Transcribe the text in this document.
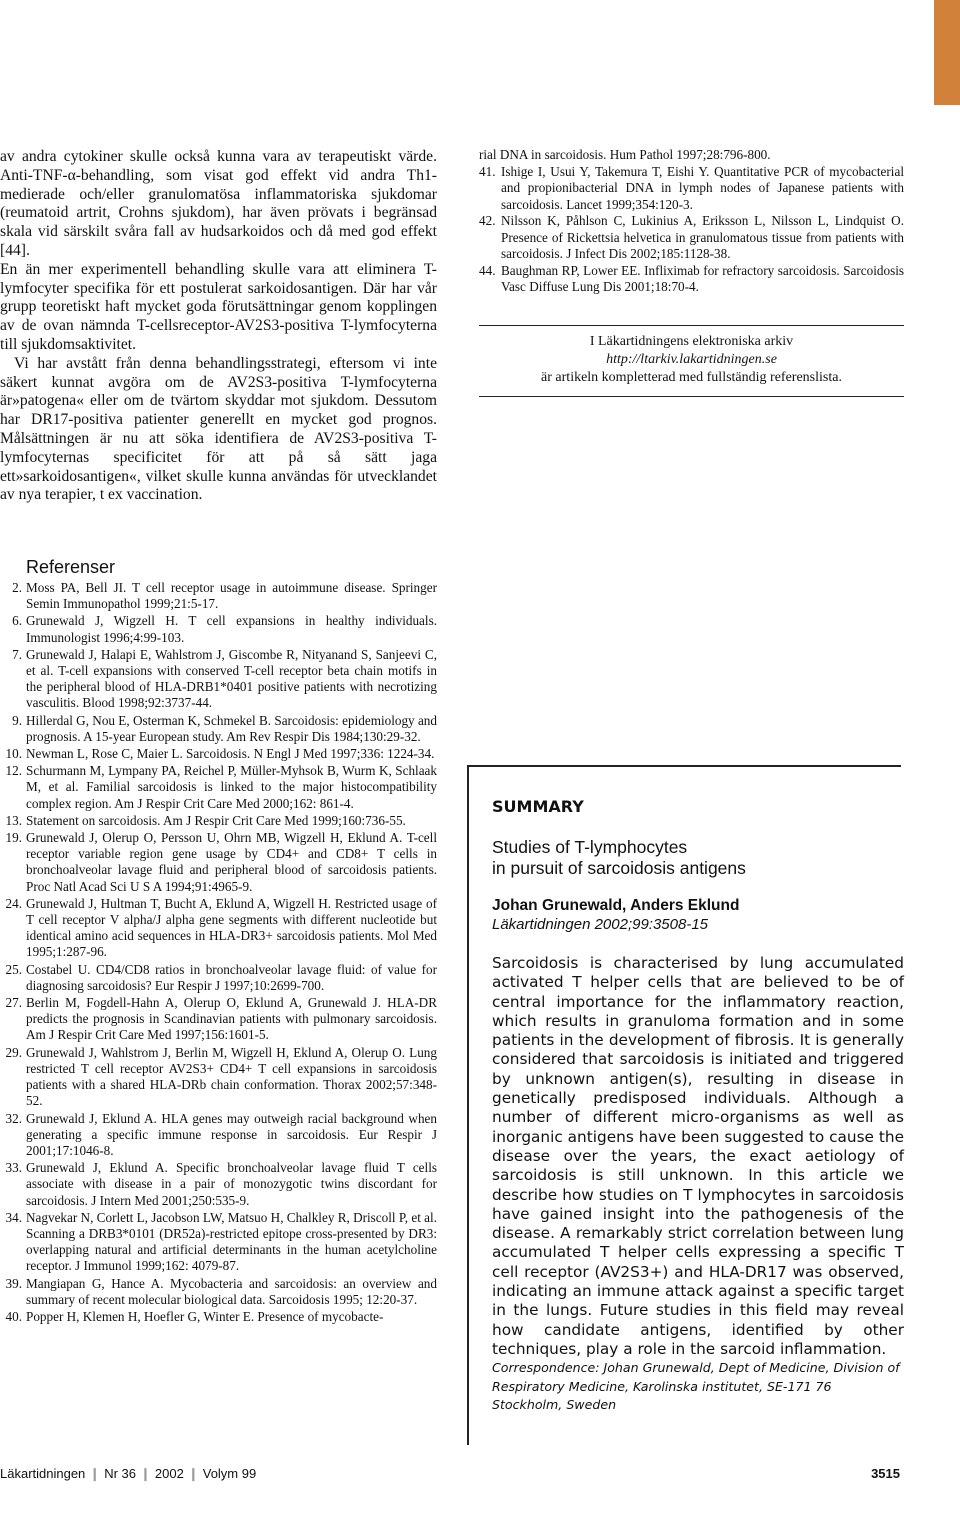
av andra cytokiner skulle också kunna vara av terapeutiskt värde. Anti-TNF-α-behandling, som visat god effekt vid andra Th1-medierade och/eller granulomatösa inflammatoriska sjukdomar (reumatoid artrit, Crohns sjukdom), har även prövats i begränsad skala vid särskilt svåra fall av hudsarkoidos och då med god effekt [44].

En än mer experimentell behandling skulle vara att eliminera T-lymfocyter specifika för ett postulerat sarkoidosantigen. Där har vår grupp teoretiskt haft mycket goda förutsättningar genom kopplingen av de ovan nämnda T-cellsreceptor-AV2S3-positiva T-lymfocyterna till sjukdomsaktivitet.

Vi har avstått från denna behandlingsstrategi, eftersom vi inte säkert kunnat avgöra om de AV2S3-positiva T-lymfocyterna är»patogena« eller om de tvärtom skyddar mot sjukdom. Dessutom har DR17-positiva patienter generellt en mycket god prognos. Målsättningen är nu att söka identifiera de AV2S3-positiva T-lymfocyternas specificitet för att på så sätt jaga ett»sarkoidosantigen«, vilket skulle kunna användas för utvecklandet av nya terapier, t ex vaccination.

rial DNA in sarcoidosis. Hum Pathol 1997;28:796-800.
41. Ishige I, Usui Y, Takemura T, Eishi Y. Quantitative PCR of mycobacterial and propionibacterial DNA in lymph nodes of Japanese patients with sarcoidosis. Lancet 1999;354:120-3.
42. Nilsson K, Påhlson C, Lukinius A, Eriksson L, Nilsson L, Lindquist O. Presence of Rickettsia helvetica in granulomatous tissue from patients with sarcoidosis. J Infect Dis 2002;185:1128-38.
44. Baughman RP, Lower EE. Infliximab for refractory sarcoidosis. Sarcoidosis Vasc Diffuse Lung Dis 2001;18:70-4.
I Läkartidningens elektroniska arkiv
http://ltarkiv.lakartidningen.se
är artikeln kompletterad med fullständig referenslista.
Referenser
2. Moss PA, Bell JI. T cell receptor usage in autoimmune disease. Springer Semin Immunopathol 1999;21:5-17.
6. Grunewald J, Wigzell H. T cell expansions in healthy individuals. Immunologist 1996;4:99-103.
7. Grunewald J, Halapi E, Wahlstrom J, Giscombe R, Nityanand S, Sanjeevi C, et al. T-cell expansions with conserved T-cell receptor beta chain motifs in the peripheral blood of HLA-DRB1*0401 positive patients with necrotizing vasculitis. Blood 1998;92:3737-44.
9. Hillerdal G, Nou E, Osterman K, Schmekel B. Sarcoidosis: epidemiology and prognosis. A 15-year European study. Am Rev Respir Dis 1984;130:29-32.
10. Newman L, Rose C, Maier L. Sarcoidosis. N Engl J Med 1997;336: 1224-34.
12. Schurmann M, Lympany PA, Reichel P, Müller-Myhsok B, Wurm K, Schlaak M, et al. Familial sarcoidosis is linked to the major histocompatibility complex region. Am J Respir Crit Care Med 2000;162: 861-4.
13. Statement on sarcoidosis. Am J Respir Crit Care Med 1999;160:736-55.
19. Grunewald J, Olerup O, Persson U, Ohrn MB, Wigzell H, Eklund A. T-cell receptor variable region gene usage by CD4+ and CD8+ T cells in bronchoalveolar lavage fluid and peripheral blood of sarcoidosis patients. Proc Natl Acad Sci U S A 1994;91:4965-9.
24. Grunewald J, Hultman T, Bucht A, Eklund A, Wigzell H. Restricted usage of T cell receptor V alpha/J alpha gene segments with different nucleotide but identical amino acid sequences in HLA-DR3+ sarcoidosis patients. Mol Med 1995;1:287-96.
25. Costabel U. CD4/CD8 ratios in bronchoalveolar lavage fluid: of value for diagnosing sarcoidosis? Eur Respir J 1997;10:2699-700.
27. Berlin M, Fogdell-Hahn A, Olerup O, Eklund A, Grunewald J. HLA-DR predicts the prognosis in Scandinavian patients with pulmonary sarcoidosis. Am J Respir Crit Care Med 1997;156:1601-5.
29. Grunewald J, Wahlstrom J, Berlin M, Wigzell H, Eklund A, Olerup O. Lung restricted T cell receptor AV2S3+ CD4+ T cell expansions in sarcoidosis patients with a shared HLA-DRb chain conformation. Thorax 2002;57:348-52.
32. Grunewald J, Eklund A. HLA genes may outweigh racial background when generating a specific immune response in sarcoidosis. Eur Respir J 2001;17:1046-8.
33. Grunewald J, Eklund A. Specific bronchoalveolar lavage fluid T cells associate with disease in a pair of monozygotic twins discordant for sarcoidosis. J Intern Med 2001;250:535-9.
34. Nagvekar N, Corlett L, Jacobson LW, Matsuo H, Chalkley R, Driscoll P, et al. Scanning a DRB3*0101 (DR52a)-restricted epitope cross-presented by DR3: overlapping natural and artificial determinants in the human acetylcholine receptor. J Immunol 1999;162: 4079-87.
39. Mangiapan G, Hance A. Mycobacteria and sarcoidosis: an overview and summary of recent molecular biological data. Sarcoidosis 1995; 12:20-37.
40. Popper H, Klemen H, Hoefler G, Winter E. Presence of mycobacte-
SUMMARY
Studies of T-lymphocytes
in pursuit of sarcoidosis antigens
Johan Grunewald, Anders Eklund
Läkartidningen 2002;99:3508-15
Sarcoidosis is characterised by lung accumulated activated T helper cells that are believed to be of central importance for the inflammatory reaction, which results in granuloma formation and in some patients in the development of fibrosis. It is generally considered that sarcoidosis is initiated and triggered by unknown antigen(s), resulting in disease in genetically predisposed individuals. Although a number of different micro-organisms as well as inorganic antigens have been suggested to cause the disease over the years, the exact aetiology of sarcoidosis is still unknown. In this article we describe how studies on T lymphocytes in sarcoidosis have gained insight into the pathogenesis of the disease. A remarkably strict correlation between lung accumulated T helper cells expressing a specific T cell receptor (AV2S3+) and HLA-DR17 was observed, indicating an immune attack against a specific target in the lungs. Future studies in this field may reveal how candidate antigens, identified by other techniques, play a role in the sarcoid inflammation.
Correspondence: Johan Grunewald, Dept of Medicine, Division of Respiratory Medicine, Karolinska institutet, SE-171 76 Stockholm, Sweden
Läkartidningen ❙ Nr 36 ❙ 2002 ❙ Volym 99	3515
